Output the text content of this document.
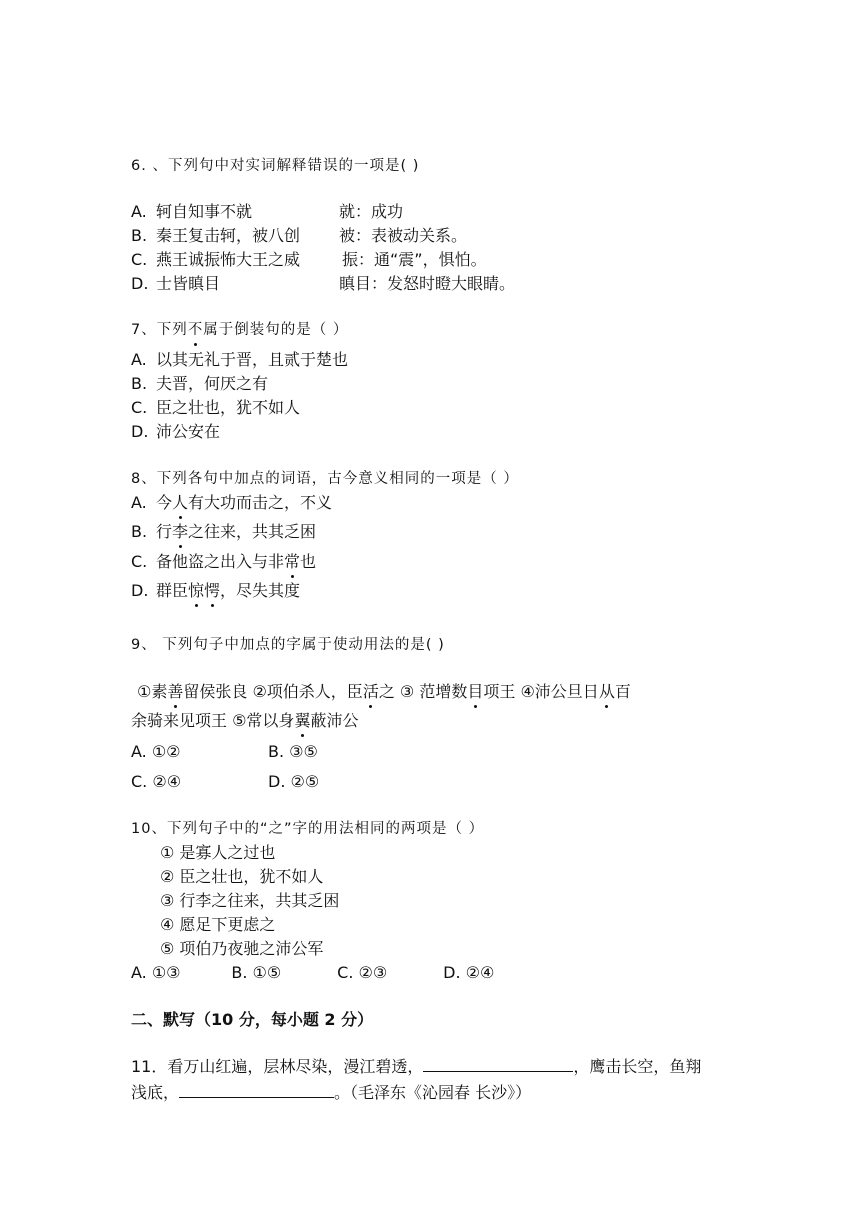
6. 、下列句中对实词解释错误的一项是( )
A. 轲自知事不就	就：成功
B. 秦王复击轲，被八创 被：表被动关系。
C. 燕王诚振怖大王之威	振：通“震”，惧怕。
D. 士皆瞋目	瞋目：发怒时瞪大眼睛。
7、下列不属于倒装句的是（ ）
A. 以其无礼于晋，且贰于楚也
B. 夫晋，何厌之有
C. 臣之壮也，犹不如人
D. 沛公安在
8、下列各句中加点的词语，古今意义相同的一项是（ ）
A. 今人有大功而击之，不义
B. 行李之往来，共其乏困
C. 备他盗之出入与非常也
D. 群臣惊愕，尽失其度
9、 下列句子中加点的字属于使动用法的是( )
①素善留侯张良 ②项伯杀人，臣活之 ③ 范增数目项王 ④沛公旦日从百
余骑来见项王 ⑤常以身翼蔽沛公
A. ①②	B. ③⑤
C. ②④	D. ②⑤
10、下列句子中的“之”字的用法相同的两项是（ ）
① 是寡人之过也
② 臣之壮也，犹不如人
③ 行李之往来，共其乏困
④ 愿足下更虑之
⑤ 项伯乃夜驰之沛公军
A. ①③          B. ①⑤           C. ②③           D. ②④
二、默写（10 分，每小题 2 分）
11．看万山红遍，层林尽染，漫江碧透，	，鹰击长空，鱼翔
浅底，	。（毛泽东《沁园春 长沙》）
